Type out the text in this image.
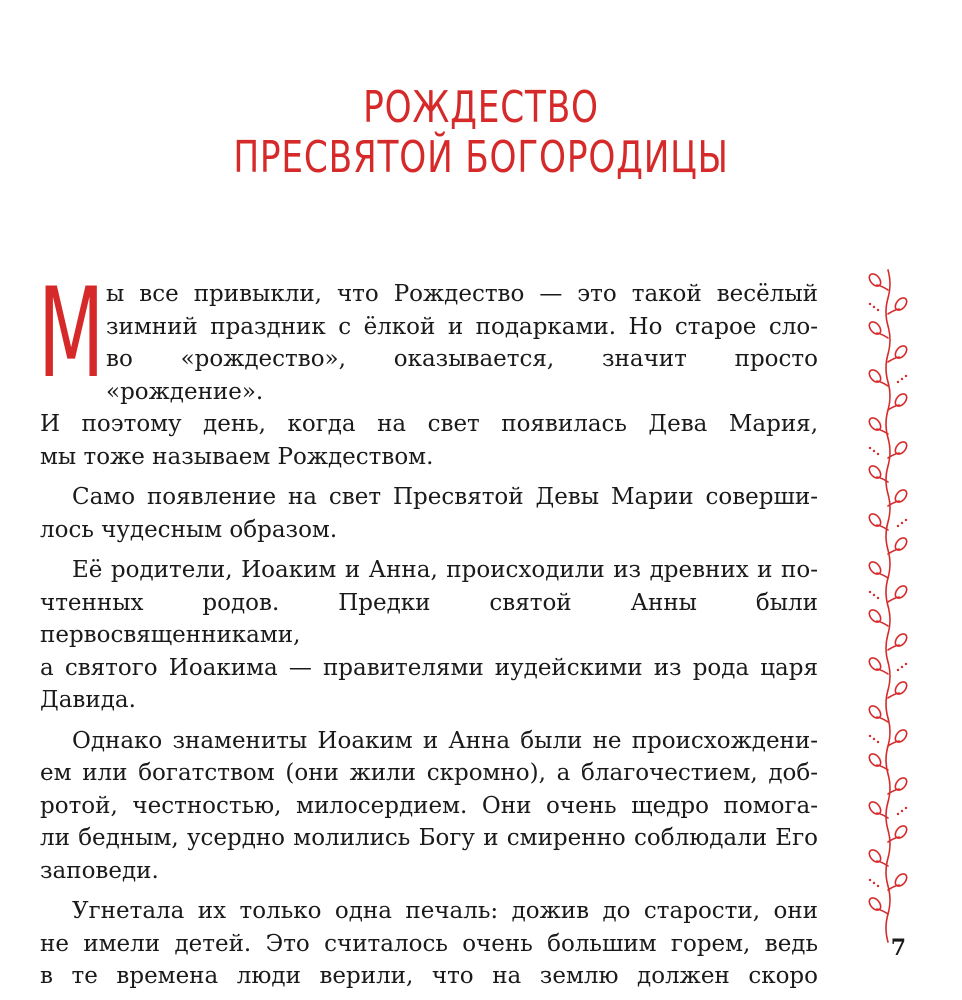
РОЖДЕСТВО
ПРЕСВЯТОЙ БОГОРОДИЦЫ
М ы все привыкли, что Рождество — это такой весёлый
зимний праздник с ёлкой и подарками. Но старое сло-
во «рождество», оказывается, значит просто «рождение».
И поэтому день, когда на свет появилась Дева Мария,
мы тоже называем Рождеством.

Само появление на свет Пресвятой Девы Марии соверши-
лось чудесным образом.

Её родители, Иоаким и Анна, происходили из древних и по-
чтенных родов. Предки святой Анны были первосвященниками,
а святого Иоакима — правителями иудейскими из рода царя
Давида.

Однако знамениты Иоаким и Анна были не происхождени-
ем или богатством (они жили скромно), а благочестием, доб-
ротой, честностью, милосердием. Они очень щедро помога-
ли бедным, усердно молились Богу и смиренно соблюдали Его
заповеди.

Угнетала их только одна печаль: дожив до старости, они
не имели детей. Это считалось очень большим горем, ведь
в те времена люди верили, что на землю должен скоро

7
